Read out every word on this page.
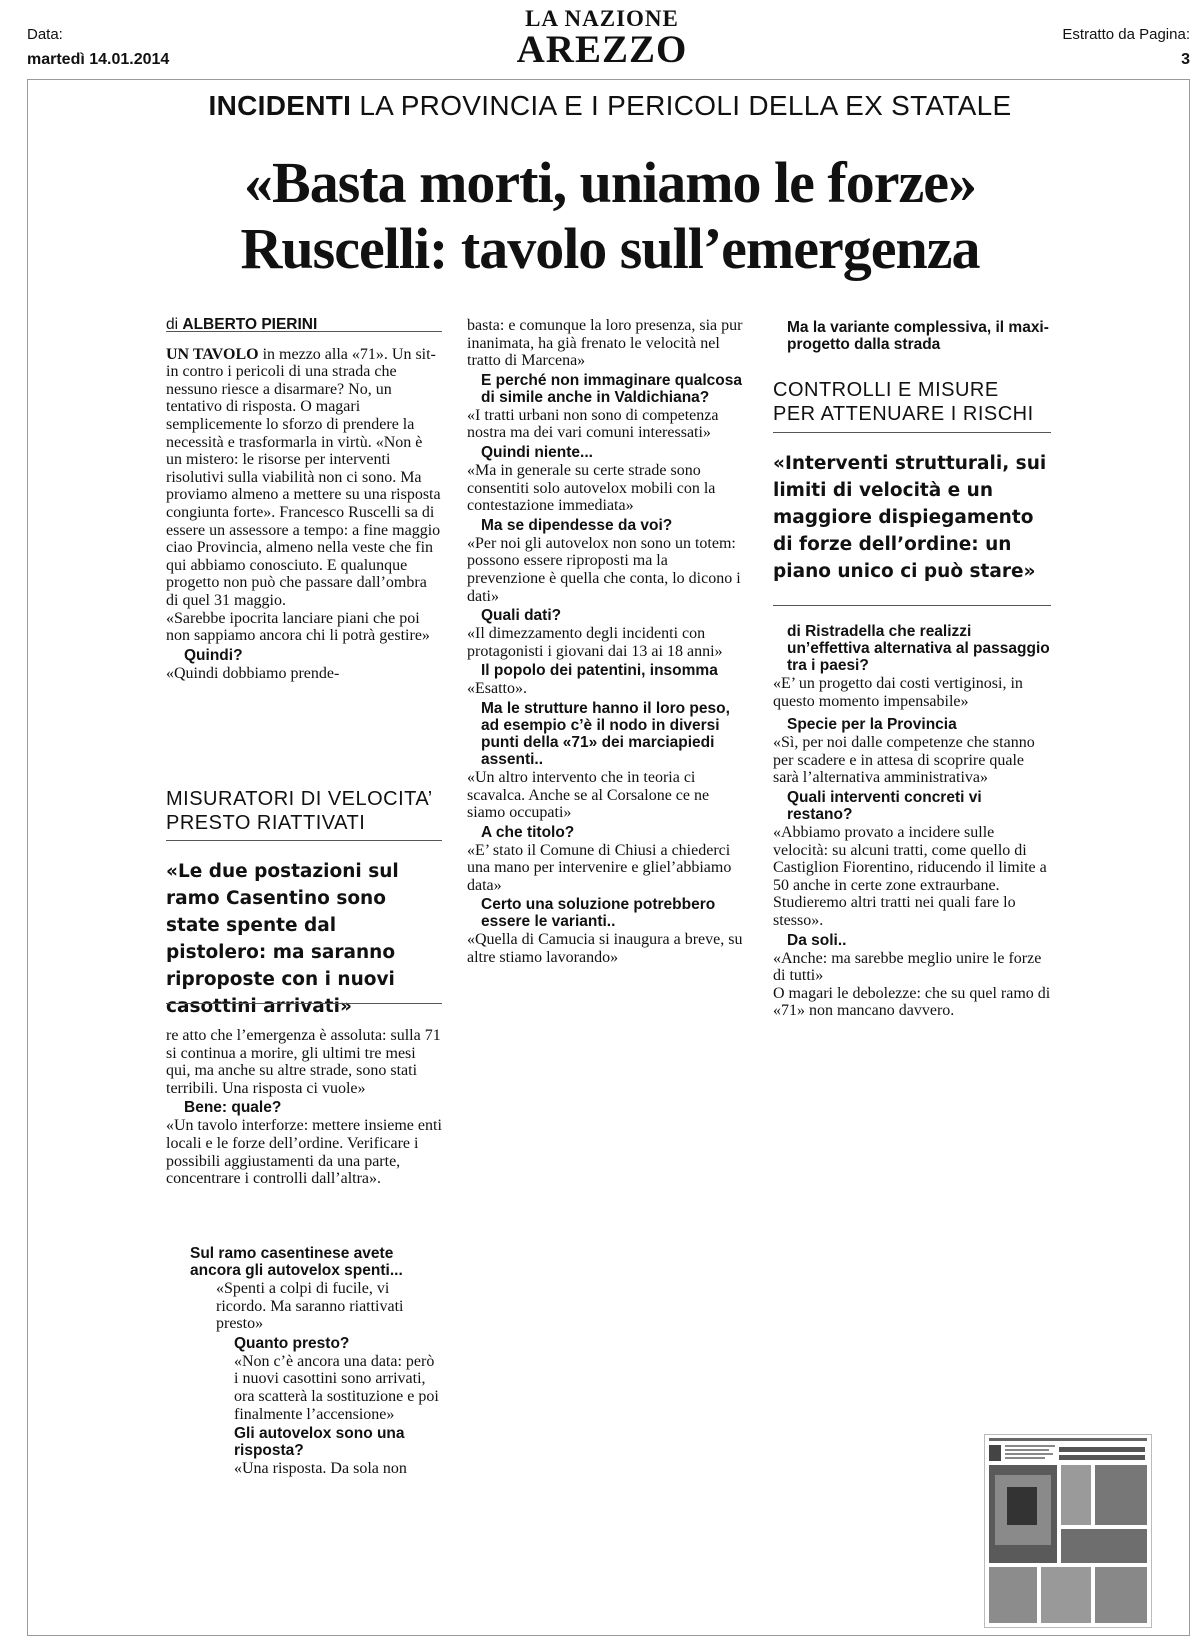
Data:
martedì 14.01.2014
LA NAZIONE
AREZZO	Estratto da Pagina:
3
INCIDENTI LA PROVINCIA E I PERICOLI DELLA EX STATALE
«Basta morti, uniamo le forze»
Ruscelli: tavolo sull’emergenza
di ALBERTO PIERINI

UN TAVOLO in mezzo alla «71». Un sit-in contro i pericoli di una strada che nessuno riesce a disarmare? No, un tentativo di risposta. O magari semplicemente lo sforzo di prendere la necessità e trasformarla in virtù. «Non è un mistero: le risorse per interventi risolutivi sulla viabilità non ci sono. Ma proviamo almeno a mettere su una risposta congiunta forte». Francesco Ruscelli sa di essere un assessore a tempo: a fine maggio ciao Provincia, almeno nella veste che fin qui abbiamo conosciuto. E qualunque progetto non può che passare dall’ombra di quel 31 maggio.

«Sarebbe ipocrita lanciare piani che poi non sappiamo ancora chi li potrà gestire»

Quindi?

«Quindi dobbiamo prende-

MISURATORI DI VELOCITA’
PRESTO RIATTIVATI
«Le due postazioni sul ramo Casentino sono state spente dal pistolero: ma saranno riproposte con i nuovi casottini arrivati»

re atto che l’emergenza è assoluta: sulla 71 si continua a morire, gli ultimi tre mesi qui, ma anche su altre strade, sono stati terribili. Una risposta ci vuole»

Bene: quale?

«Un tavolo interforze: mettere insieme enti locali e le forze dell’ordine. Verificare i possibili aggiustamenti da una parte, concentrare i controlli dall’altra».

Sul ramo casentinese avete ancora gli autovelox spenti...

«Spenti a colpi di fucile, vi ricordo. Ma saranno riattivati presto»

Quanto presto?

«Non c’è ancora una data: però i nuovi casottini sono arrivati, ora scatterà la sostituzione e poi finalmente l’accensione»

Gli autovelox sono una risposta?

«Una risposta. Da sola non

basta: e comunque la loro presenza, sia pur inanimata, ha già frenato le velocità nel tratto di Marcena»

E perché non immaginare qualcosa di simile anche in Valdichiana?

«I tratti urbani non sono di competenza nostra ma dei vari comuni interessati»

Quindi niente...

«Ma in generale su certe strade sono consentiti solo autovelox mobili con la contestazione immediata»

Ma se dipendesse da voi?

«Per noi gli autovelox non sono un totem: possono essere riproposti ma la prevenzione è quella che conta, lo dicono i dati»

Quali dati?

«Il dimezzamento degli incidenti con protagonisti i giovani dai 13 ai 18 anni»

Il popolo dei patentini, insomma

«Esatto».

Ma le strutture hanno il loro peso, ad esempio c’è il nodo in diversi punti della «71» dei marciapiedi assenti..

«Un altro intervento che in teoria ci scavalca. Anche se al Corsalone ce ne siamo occupati»

A che titolo?

«E’ stato il Comune di Chiusi a chiederci una mano per intervenire e gliel’abbiamo data»

Certo una soluzione potrebbero essere le varianti..

«Quella di Camucia si inaugura a breve, su altre stiamo lavorando»

Ma la variante complessiva, il maxi-progetto dalla strada
CONTROLLI E MISURE
PER ATTENUARE I RISCHI
«Interventi strutturali, sui limiti di velocità e un maggiore dispiegamento di forze dell’ordine: un piano unico ci può stare»
di Ristradella che realizzi un’effettiva alternativa al passaggio tra i paesi?

«E’ un progetto dai costi vertiginosi, in questo momento impensabile»

Specie per la Provincia

«Sì, per noi dalle competenze che stanno per scadere e in attesa di scoprire quale sarà l’alternativa amministrativa»

Quali interventi concreti vi restano?

«Abbiamo provato a incidere sulle velocità: su alcuni tratti, come quello di Castiglion Fiorentino, riducendo il limite a 50 anche in certe zone extraurbane. Studieremo altri tratti nei quali fare lo stesso».

Da soli..

«Anche: ma sarebbe meglio unire le forze di tutti»

O magari le debolezze: che su quel ramo di «71» non mancano davvero.
